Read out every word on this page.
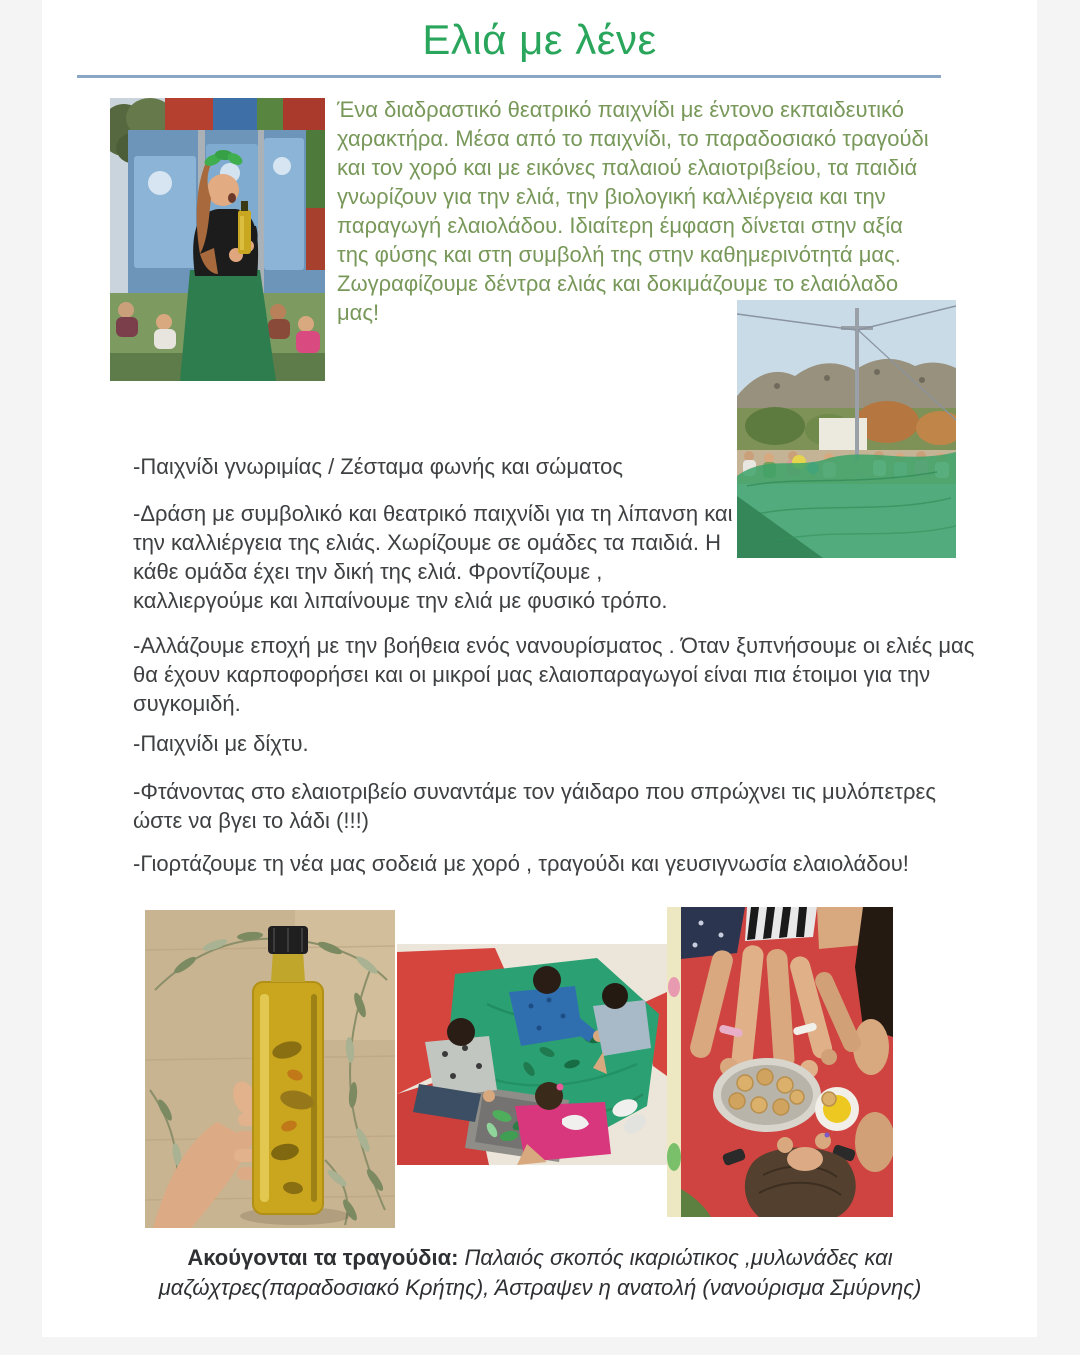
Ελιά με λένε
Ένα διαδραστικό θεατρικό παιχνίδι με έντονο εκπαιδευτικό χαρακτήρα. Μέσα από το παιχνίδι, το παραδοσιακό τραγούδι και τον χορό και με εικόνες παλαιού ελαιοτριβείου, τα παιδιά γνωρίζουν για την ελιά, την βιολογική καλλιέργεια και την παραγωγή ελαιολάδου. Ιδιαίτερη έμφαση δίνεται στην αξία της φύσης και στη συμβολή της στην καθημερινότητά μας. Ζωγραφίζουμε δέντρα ελιάς και δοκιμάζουμε το ελαιόλαδο μας!

-Παιχνίδι γνωριμίας / Ζέσταμα φωνής και σώματος

-Δράση με συμβολικό και θεατρικό παιχνίδι για τη λίπανση και την καλλιέργεια της ελιάς. Χωρίζουμε σε ομάδες τα παιδιά. Η κάθε ομάδα έχει την δική της ελιά. Φροντίζουμε , καλλιεργούμε και λιπαίνουμε την ελιά με φυσικό τρόπο.

-Αλλάζουμε εποχή με την βοήθεια ενός νανουρίσματος . Όταν ξυπνήσουμε οι ελιές μας θα έχουν καρποφορήσει και οι μικροί μας ελαιοπαραγωγοί είναι πια έτοιμοι για την συγκομιδή.

-Παιχνίδι με δίχτυ.

-Φτάνοντας στο ελαιοτριβείο συναντάμε τον γάιδαρο που σπρώχνει τις μυλόπετρες ώστε να βγει το λάδι (!!!)

-Γιορτάζουμε τη νέα μας σοδειά με χορό , τραγούδι και γευσιγνωσία ελαιολάδου!

Ακούγονται τα τραγούδια: Παλαιός σκοπός ικαριώτικος ,μυλωνάδες και μαζώχτρες(παραδοσιακό Κρήτης), Άστραψεν η ανατολή (νανούρισμα Σμύρνης)
